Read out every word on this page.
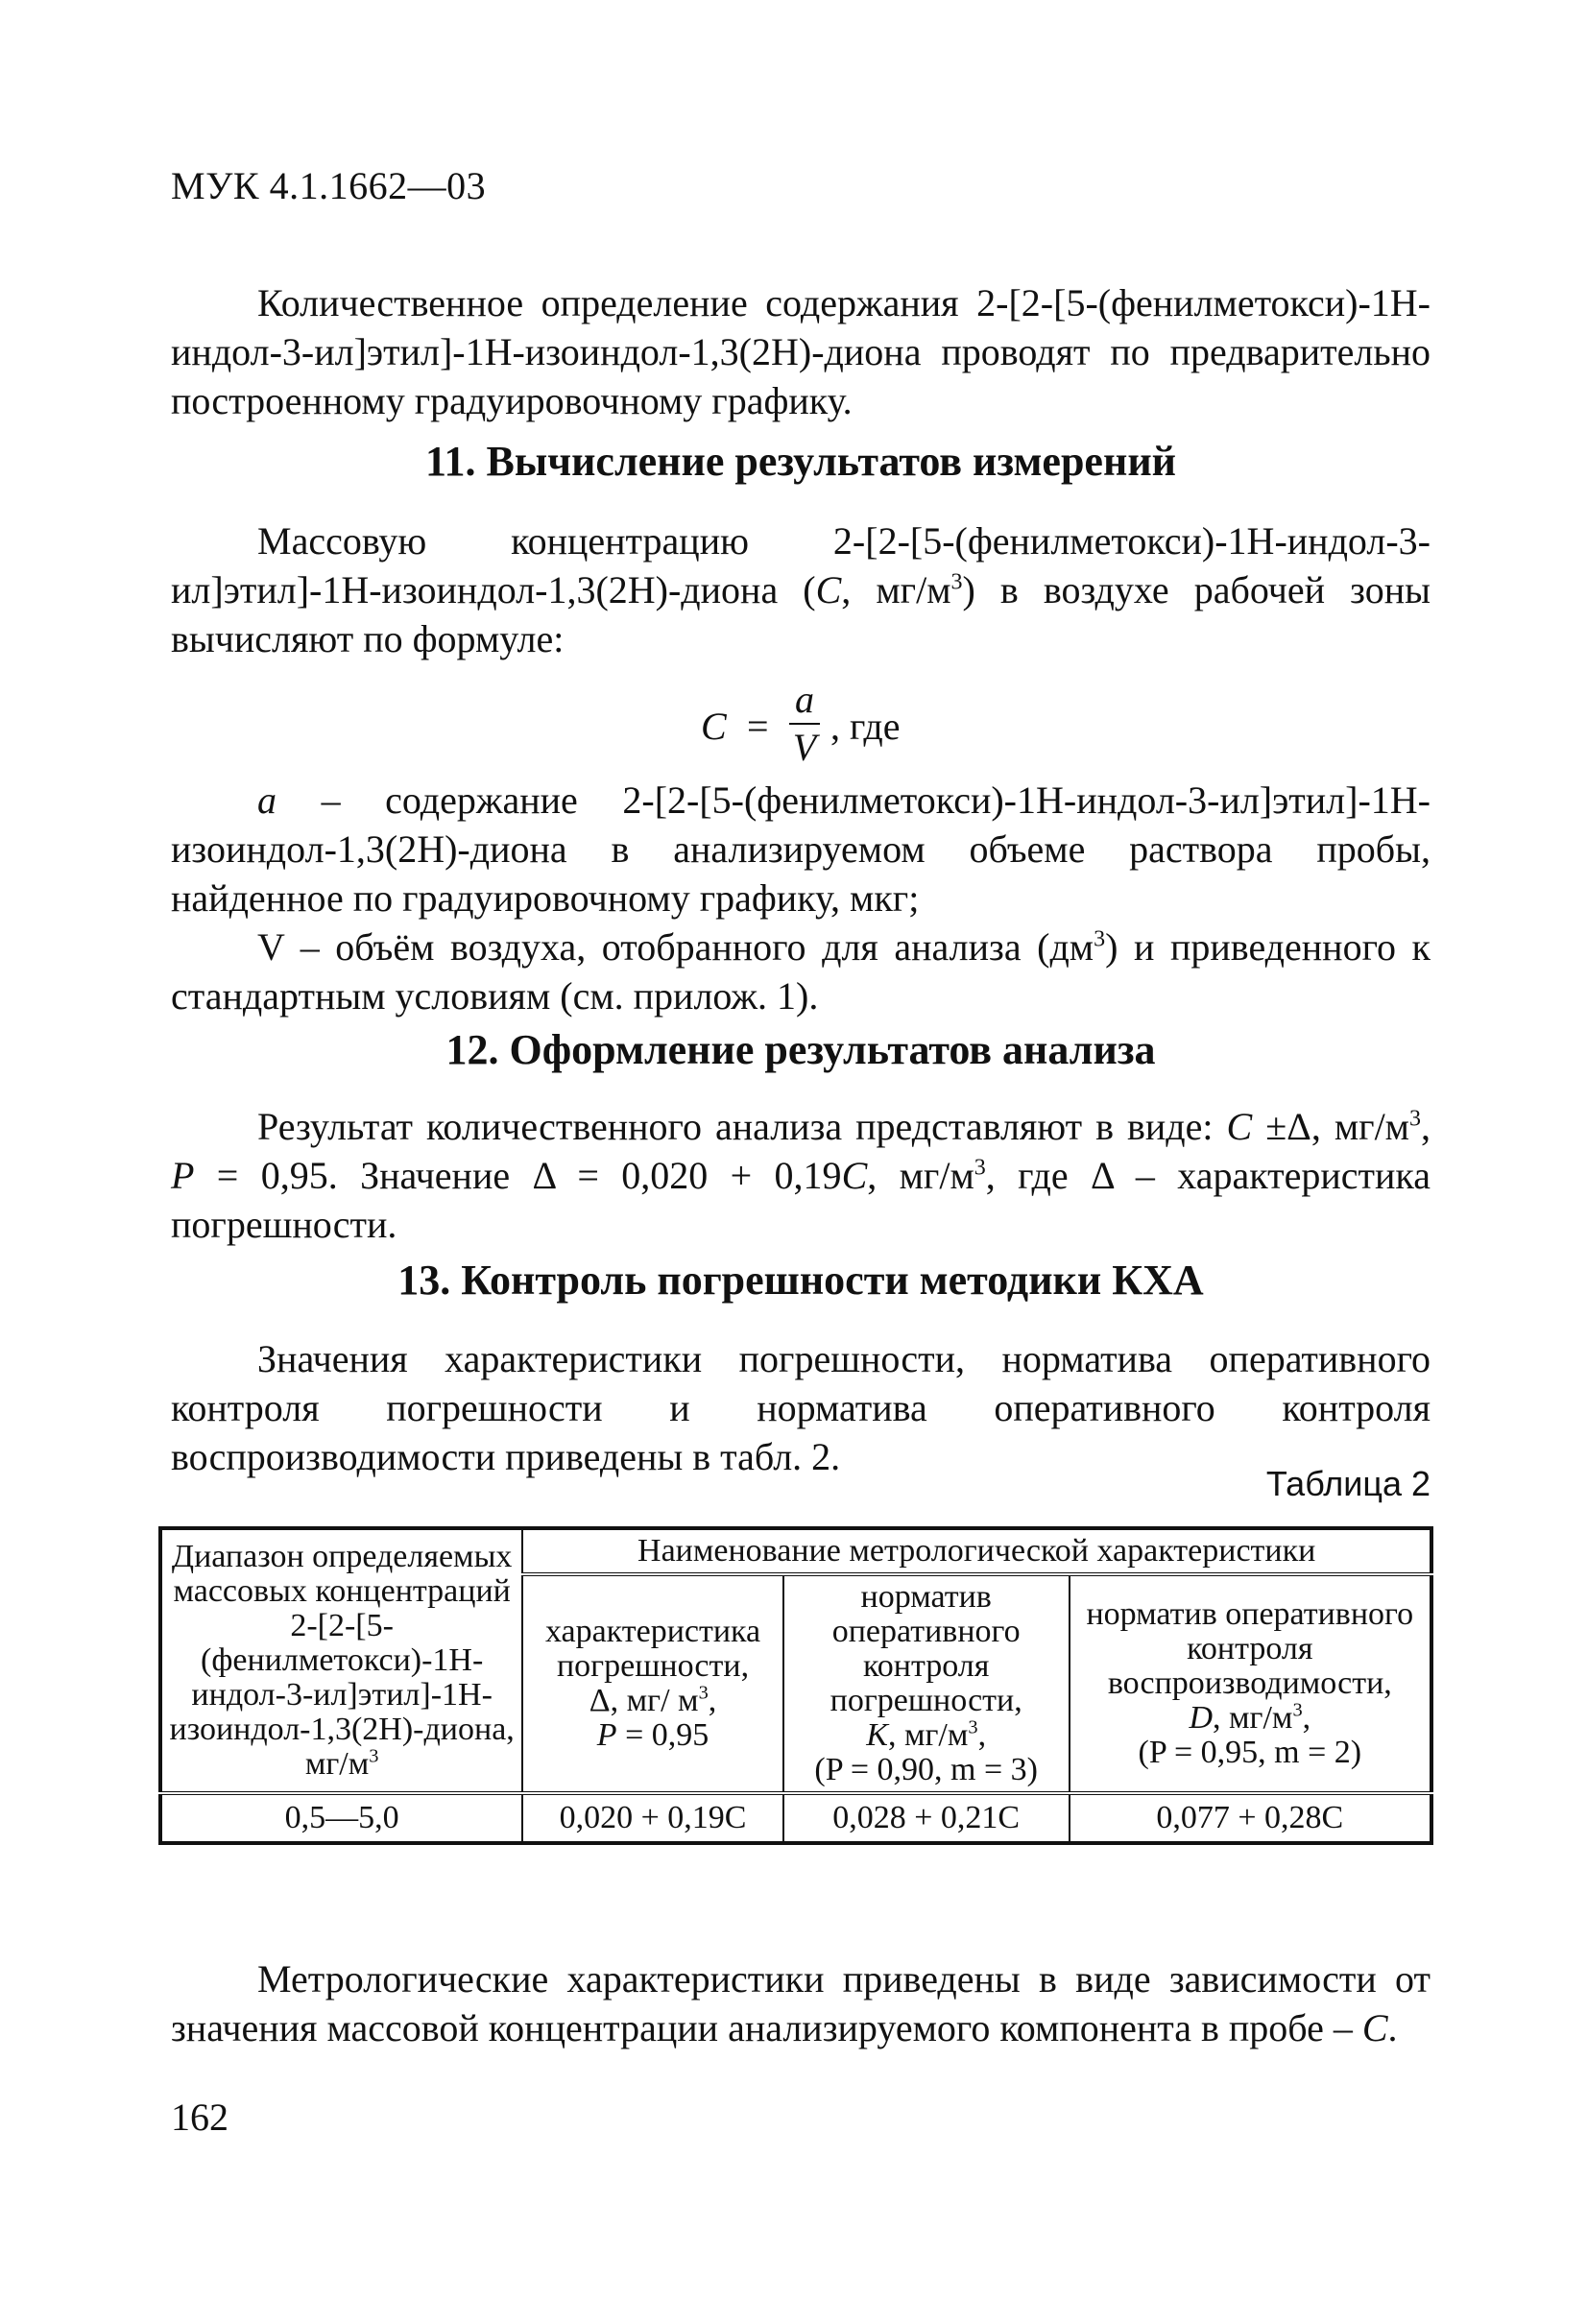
МУК 4.1.1662—03

Количественное определение содержания 2-[2-[5-(фенилметокси)-1Н-индол-3-ил]этил]-1Н-изоиндол-1,3(2Н)-диона проводят по предварительно построенному градуировочному графику.

11. Вычисление результатов измерений

Массовую концентрацию 2-[2-[5-(фенилметокси)-1Н-индол-3-ил]этил]-1Н-изоиндол-1,3(2Н)-диона (С, $мг/м^3$) в воздухе рабочей зоны вычисляют по формуле:

С =
a
V , где

a – содержание 2-[2-[5-(фенилметокси)-1Н-индол-3-ил]этил]-1Н-изоиндол-1,3(2Н)-диона в анализируемом объеме раствора пробы, найденное по градуировочному графику, мкг;

V – объём воздуха, отобранного для анализа $(дм^3)$ и приведенного к стандартным условиям (см. прилож. 1).

12. Оформление результатов анализа

Результат количественного анализа представляют в виде: С ±Δ, $мг/м^3$, P = 0,95. Значение Δ = 0,020 + 0,19С, $мг/м^3$, где Δ – характеристика погрешности.

13. Контроль погрешности методики КХА

Значения характеристики погрешности, норматива оперативного контроля погрешности и норматива оперативного контроля воспроизводимости приведены в табл. 2.

Таблица 2
Диапазон определяемых массовых концентраций 2-[2-[5-(фенилметокси)-1Н-индол-3-ил]этил]-1Н-изоиндол-1,3(2Н)-диона, $мг/м^3$	Наименование метрологической характеристики		
	характеристика погрешности,
Δ, мг/ $м^3$,
P = 0,95	норматив оперативного контроля погрешности,
K, $мг/м^3$,
(P = 0,90, m = 3)	норматив оперативного контроля воспроизводимости,
D, $мг/м^3$,
(P = 0,95, m = 2)
0,5—5,0	0,020 + 0,19C	0,028 + 0,21C	0,077 + 0,28C

Метрологические характеристики приведены в виде зависимости от значения массовой концентрации анализируемого компонента в пробе – С.

162
